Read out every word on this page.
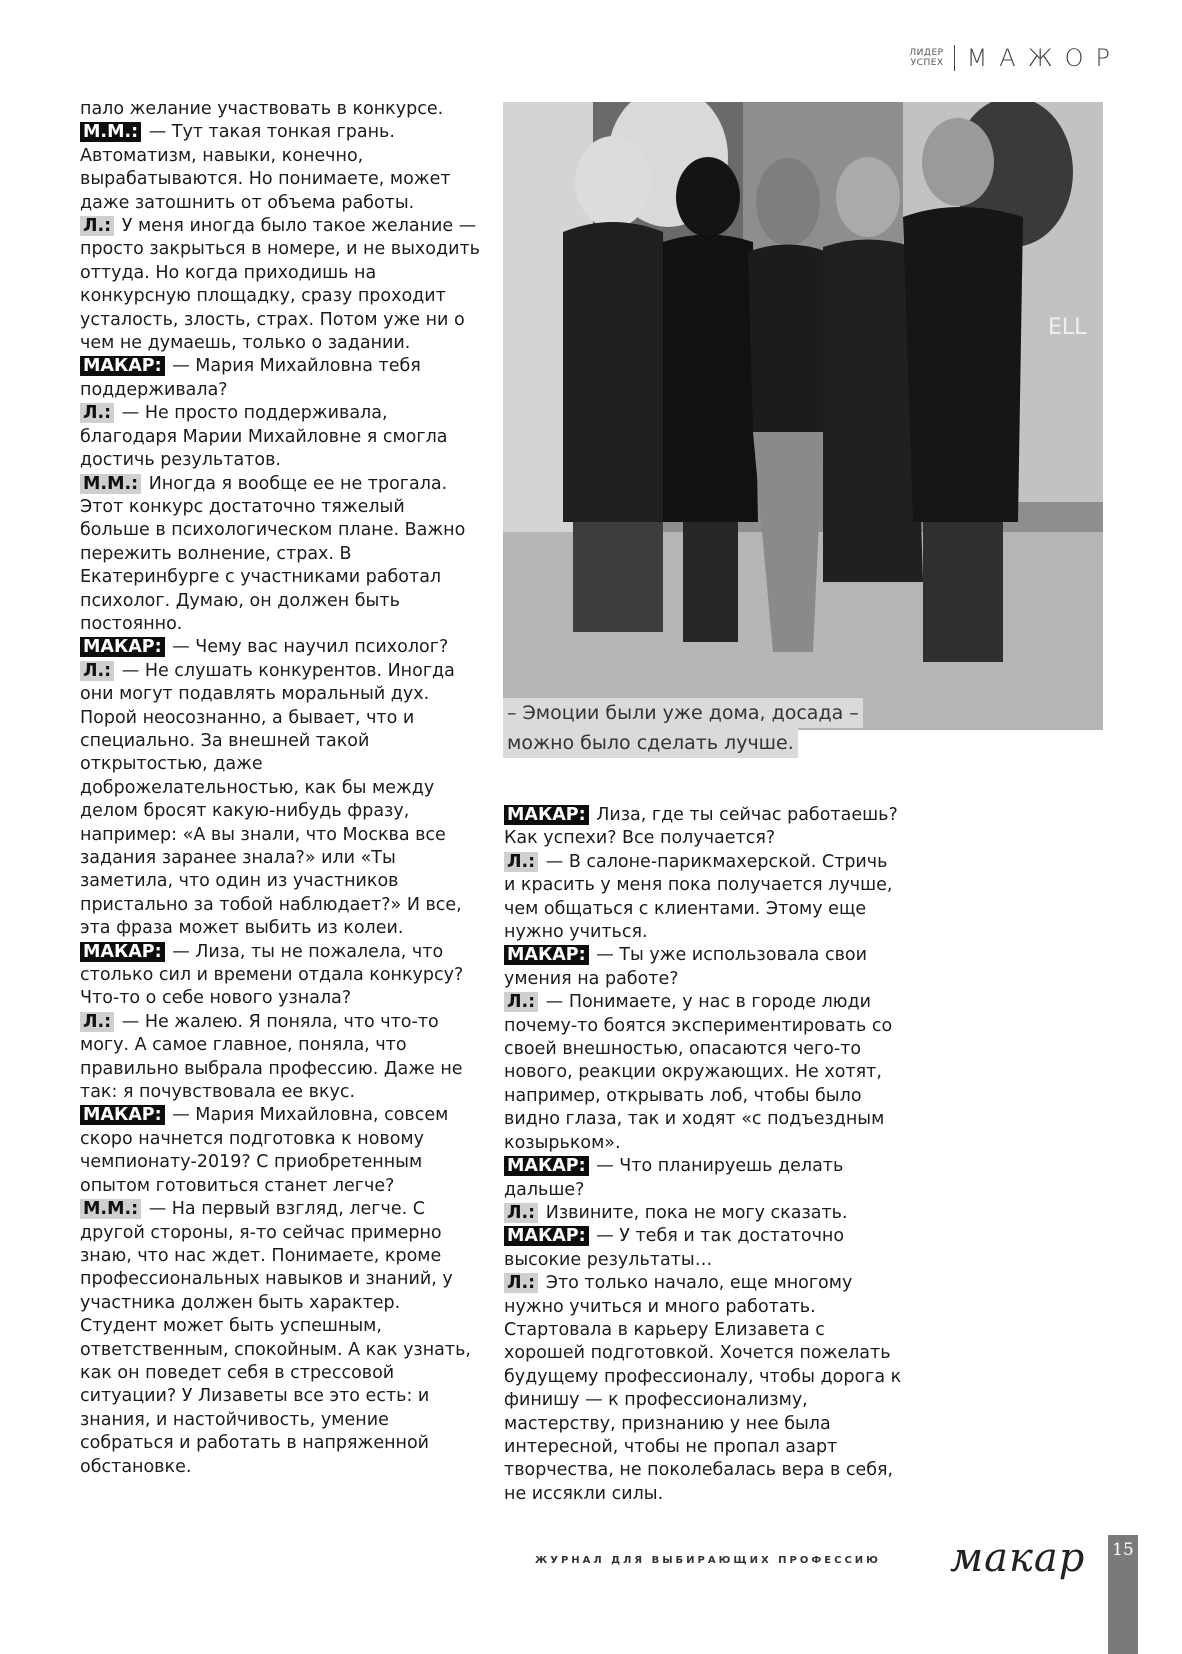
ЛИДЕР
УСПЕХ МАЖОР

пало желание участвовать в конкурсе.

М.М.: — Тут такая тонкая грань. Автоматизм, навыки, конечно, вырабатываются. Но понимаете, может даже затошнить от объема работы.

Л.: У меня иногда было такое желание — просто закрыться в номере, и не выходить оттуда. Но когда приходишь на конкурсную площадку, сразу проходит усталость, злость, страх. Потом уже ни о чем не думаешь, только о задании.

МАКАР: — Мария Михайловна тебя поддерживала?

Л.: — Не просто поддерживала, благодаря Марии Михайловне я смогла достичь результатов.

М.М.: Иногда я вообще ее не трогала. Этот конкурс достаточно тяжелый больше в психологическом плане. Важно пережить волнение, страх. В Екатеринбурге с участниками работал психолог. Думаю, он должен быть постоянно.

МАКАР: — Чему вас научил психолог?

Л.: — Не слушать конкурентов. Иногда они могут подавлять моральный дух. Порой неосознанно, а бывает, что и специально. За внешней такой открытостью, даже доброжелательностью, как бы между делом бросят какую-нибудь фразу, например: «А вы знали, что Москва все задания заранее знала?» или «Ты заметила, что один из участников пристально за тобой наблюдает?» И все, эта фраза может выбить из колеи.

МАКАР: — Лиза, ты не пожалела, что столько сил и времени отдала конкурсу? Что-то о себе нового узнала?

Л.: — Не жалею. Я поняла, что что-то могу. А самое главное, поняла, что правильно выбрала профессию. Даже не так: я почувствовала ее вкус.

МАКАР: — Мария Михайловна, совсем скоро начнется подготовка к новому чемпионату-2019? С приобретенным опытом готовиться станет легче?

М.М.: — На первый взгляд, легче. С другой стороны, я-то сейчас примерно знаю, что нас ждет. Понимаете, кроме профессиональных навыков и знаний, у участника должен быть характер. Студент может быть успешным, ответственным, спокойным. А как узнать, как он поведет себя в стрессовой ситуации? У Лизаветы все это есть: и знания, и настойчивость, умение собраться и работать в напряженной обстановке.

ELL
– Эмоции были уже дома, досада –
можно было сделать лучше.

МАКАР: Лиза, где ты сейчас работаешь? Как успехи? Все получается?

Л.: — В салоне-парикмахерской. Стричь и красить у меня пока получается лучше, чем общаться с клиентами. Этому еще нужно учиться.

МАКАР: — Ты уже использовала свои умения на работе?

Л.: — Понимаете, у нас в городе люди почему-то боятся экспериментировать со своей внешностью, опасаются чего-то нового, реакции окружающих. Не хотят, например, открывать лоб, чтобы было видно глаза, так и ходят «с подъездным козырьком».

МАКАР: — Что планируешь делать дальше?

Л.: Извините, пока не могу сказать.

МАКАР: — У тебя и так достаточно высокие результаты…

Л.: Это только начало, еще многому нужно учиться и много работать.

Стартовала в карьеру Елизавета с хорошей подготовкой. Хочется пожелать будущему профессионалу, чтобы дорога к финишу — к профессионализму, мастерству, признанию у нее была интересной, чтобы не пропал азарт творчества, не поколебалась вера в себя, не иссякли силы.

ЖУРНАЛ ДЛЯ ВЫБИРАЮЩИХ ПРОФЕССИЮ макар 15
